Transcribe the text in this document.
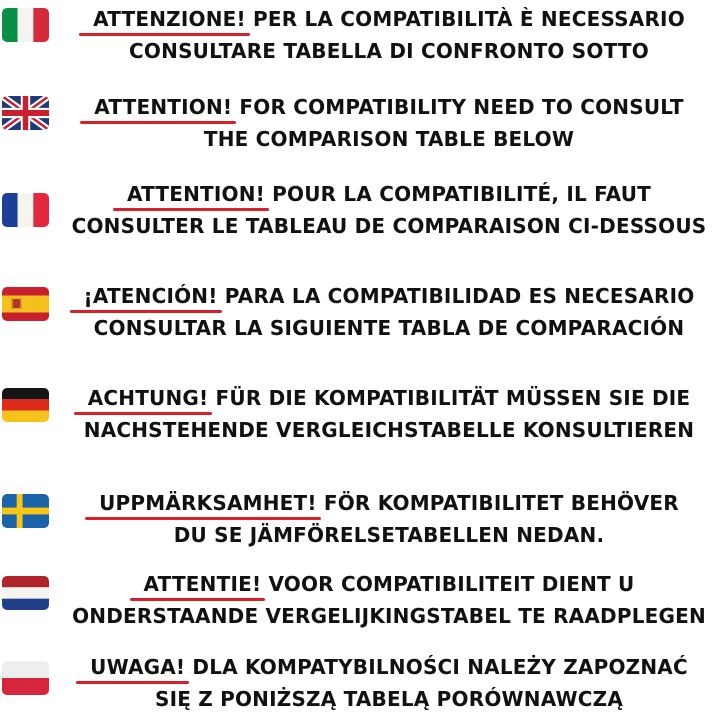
ATTENZIONE! PER LA COMPATIBILITÀ È NECESSARIO
CONSULTARE TABELLA DI CONFRONTO SOTTO
ATTENTION! FOR COMPATIBILITY NEED TO CONSULT
THE COMPARISON TABLE BELOW
ATTENTION! POUR LA COMPATIBILITÉ, IL FAUT
CONSULTER LE TABLEAU DE COMPARAISON CI-DESSOUS
¡ATENCIÓN! PARA LA COMPATIBILIDAD ES NECESARIO
CONSULTAR LA SIGUIENTE TABLA DE COMPARACIÓN
ACHTUNG! FÜR DIE KOMPATIBILITÄT MÜSSEN SIE DIE
NACHSTEHENDE VERGLEICHSTABELLE KONSULTIEREN
UPPMÄRKSAMHET! FÖR KOMPATIBILITET BEHÖVER
DU SE JÄMFÖRELSETABELLEN NEDAN.
ATTENTIE! VOOR COMPATIBILITEIT DIENT U
ONDERSTAANDE VERGELIJKINGSTABEL TE RAADPLEGEN
UWAGA! DLA KOMPATYBILNOŚCI NALEŻY ZAPOZNAĆ
SIĘ Z PONIŻSZĄ TABELĄ PORÓWNAWCZĄ
